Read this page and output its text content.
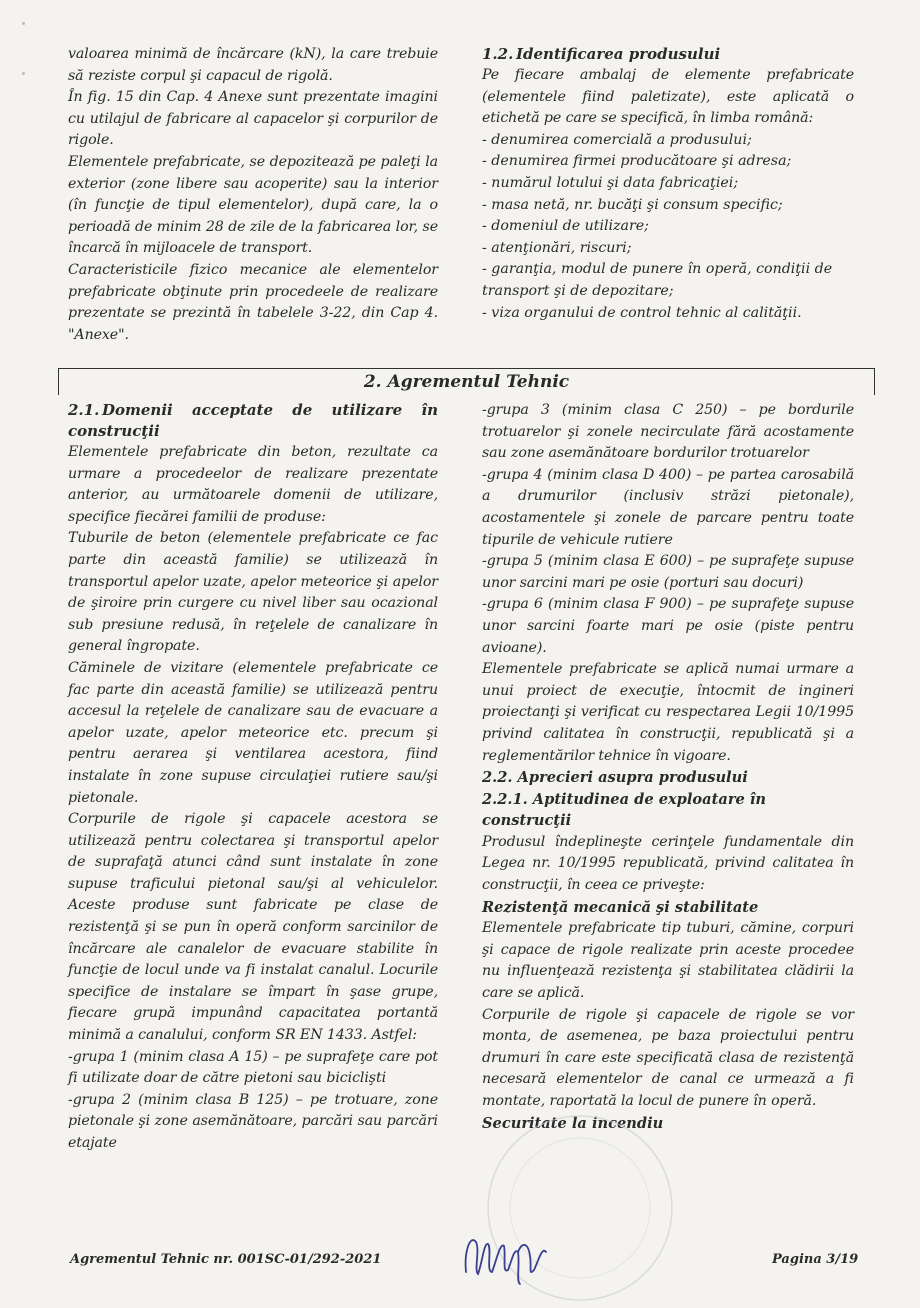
valoarea minimă de încărcare (kN), la care trebuie să reziste corpul şi capacul de rigolă.

În fig. 15 din Cap. 4 Anexe sunt prezentate imagini cu utilajul de fabricare al capacelor şi corpurilor de rigole.

Elementele prefabricate, se depozitează pe paleţi la exterior (zone libere sau acoperite) sau la interior (în funcţie de tipul elementelor), după care, la o perioadă de minim 28 de zile de la fabricarea lor, se încarcă în mijloacele de transport.

Caracteristicile fizico mecanice ale elementelor prefabricate obţinute prin procedeele de realizare prezentate se prezintă în tabelele 3-22, din Cap 4. "Anexe".

1.2. Identificarea produsului

Pe fiecare ambalaj de elemente prefabricate (elementele fiind paletizate), este aplicată o etichetă pe care se specifică, în limba română:

- denumirea comercială a produsului;
- denumirea firmei producătoare şi adresa;
- numărul lotului şi data fabricaţiei;
- masa netă, nr. bucăţi şi consum specific;
- domeniul de utilizare;
- atenţionări, riscuri;
- garanţia, modul de punere în operă, condiţii de transport şi de depozitare;
- viza organului de control tehnic al calităţii.
2. Agrementul Tehnic
2.1. Domenii acceptate de utilizare în construcţii

Elementele prefabricate din beton, rezultate ca urmare a procedeelor de realizare prezentate anterior, au următoarele domenii de utilizare, specifice fiecărei familii de produse:

Tuburile de beton (elementele prefabricate ce fac parte din această familie) se utilizează în transportul apelor uzate, apelor meteorice şi apelor de şiroire prin curgere cu nivel liber sau ocazional sub presiune redusă, în reţelele de canalizare în general îngropate.

Căminele de vizitare (elementele prefabricate ce fac parte din această familie) se utilizează pentru accesul la reţelele de canalizare sau de evacuare a apelor uzate, apelor meteorice etc. precum şi pentru aerarea şi ventilarea acestora, fiind instalate în zone supuse circulaţiei rutiere sau/şi pietonale.

Corpurile de rigole şi capacele acestora se utilizează pentru colectarea şi transportul apelor de suprafaţă atunci când sunt instalate în zone supuse traficului pietonal sau/şi al vehiculelor. Aceste produse sunt fabricate pe clase de rezistenţă şi se pun în operă conform sarcinilor de încărcare ale canalelor de evacuare stabilite în funcţie de locul unde va fi instalat canalul. Locurile specifice de instalare se împart în şase grupe, fiecare grupă impunând capacitatea portantă minimă a canalului, conform SR EN 1433. Astfel:

-grupa 1 (minim clasa A 15) – pe suprafeţe care pot fi utilizate doar de către pietoni sau biciclişti

-grupa 2 (minim clasa B 125) – pe trotuare, zone pietonale şi zone asemănătoare, parcări sau parcări etajate

-grupa 3 (minim clasa C 250) – pe bordurile trotuarelor şi zonele necirculate fără acostamente sau zone asemănătoare bordurilor trotuarelor

-grupa 4 (minim clasa D 400) – pe partea carosabilă a drumurilor (inclusiv străzi pietonale), acostamentele şi zonele de parcare pentru toate tipurile de vehicule rutiere

-grupa 5 (minim clasa E 600) – pe suprafeţe supuse unor sarcini mari pe osie (porturi sau docuri)

-grupa 6 (minim clasa F 900) – pe suprafeţe supuse unor sarcini foarte mari pe osie (piste pentru avioane).

Elementele prefabricate se aplică numai urmare a unui proiect de execuţie, întocmit de ingineri proiectanţi şi verificat cu respectarea Legii 10/1995 privind calitatea în construcţii, republicată şi a reglementărilor tehnice în vigoare.

2.2. Aprecieri asupra produsului
2.2.1. Aptitudinea de exploatare în construcţii

Produsul îndeplineşte cerinţele fundamentale din Legea nr. 10/1995 republicată, privind calitatea în construcţii, în ceea ce priveşte:

Rezistenţă mecanică şi stabilitate

Elementele prefabricate tip tuburi, cămine, corpuri şi capace de rigole realizate prin aceste procedee nu influenţează rezistenţa şi stabilitatea clădirii la care se aplică.

Corpurile de rigole şi capacele de rigole se vor monta, de asemenea, pe baza proiectului pentru drumuri în care este specificată clasa de rezistenţă necesară elementelor de canal ce urmează a fi montate, raportată la locul de punere în operă.

Securitate la incendiu
Agrementul Tehnic nr. 001SC-01/292-2021	Pagina 3/19
